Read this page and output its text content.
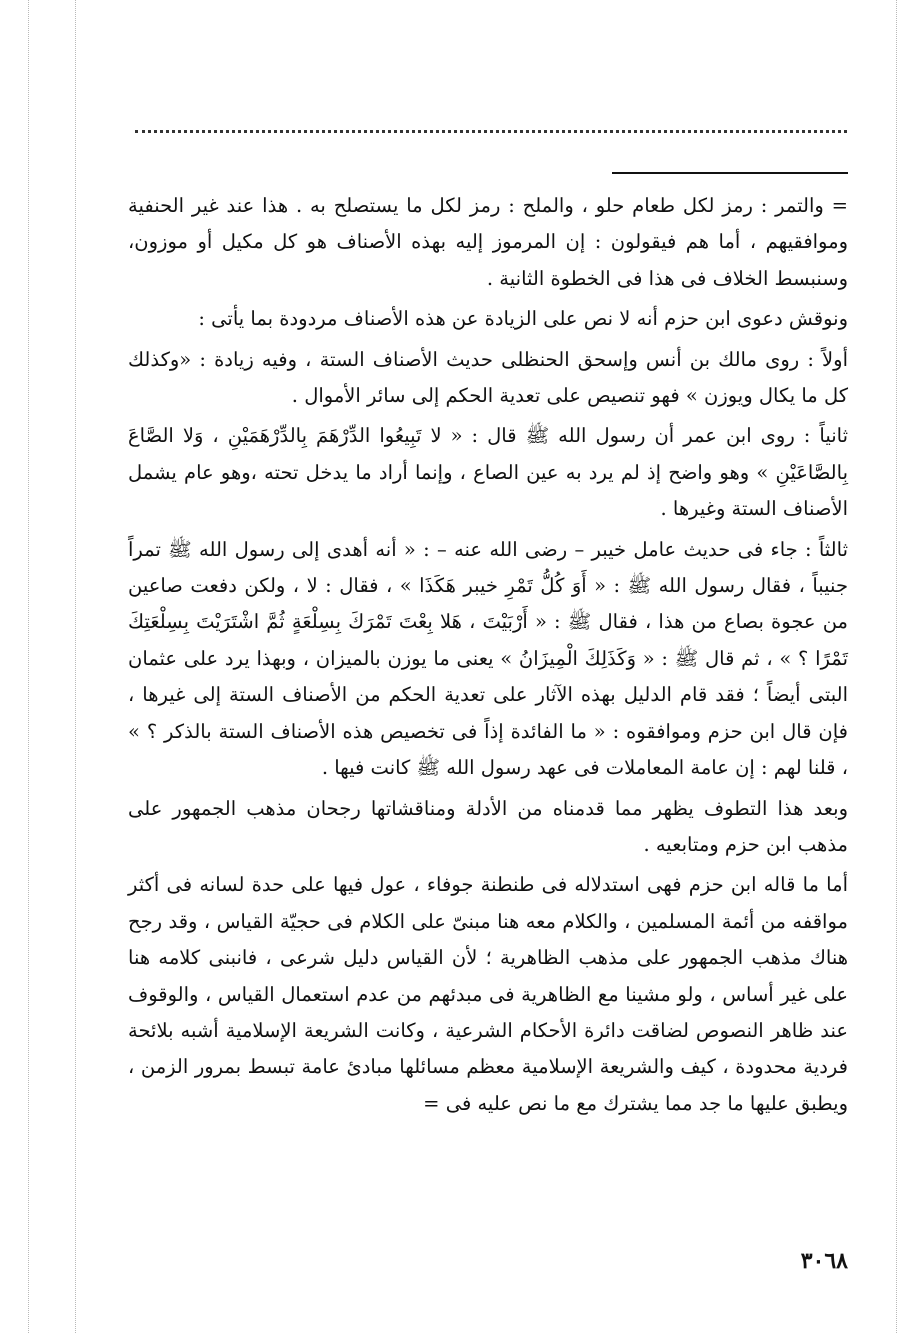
= والتمر : رمز لكل طعام حلو ، والملح : رمز لكل ما يستصلح به . هذا عند غير الحنفية وموافقيهم ، أما هم فيقولون : إن المرموز إليه بهذه الأصناف هو كل مكيل أو موزون، وسنبسط الخلاف فى هذا فى الخطوة الثانية .

ونوقش دعوى ابن حزم أنه لا نص على الزيادة عن هذه الأصناف مردودة بما يأتى :

أولاً : روى مالك بن أنس وإسحق الحنظلى حديث الأصناف الستة ، وفيه زيادة : «وكذلك كل ما يكال ويوزن » فهو تنصيص على تعدية الحكم إلى سائر الأموال .

ثانياً : روى ابن عمر أن رسول الله ﷺ قال : « لا تَبِيعُوا الدِّرْهَمَ بِالدِّرْهَمَيْنِ ، وَلا الصَّاعَ بِالصَّاعَيْنِ » وهو واضح إذ لم يرد به عين الصاع ، وإنما أراد ما يدخل تحته ،وهو عام يشمل الأصناف الستة وغيرها .

ثالثاً : جاء فى حديث عامل خيبر – رضى الله عنه – : « أنه أهدى إلى رسول الله ﷺ تمراً جنيباً ، فقال رسول الله ﷺ : « أَوَ كُلُّ تَمْرِ خيبر هَكَذَا » ، فقال : لا ، ولكن دفعت صاعين من عجوة بصاع من هذا ، فقال ﷺ : « أَرْبَيْتَ ، هَلا بِعْتَ تَمْرَكَ بِسِلْعَةٍ ثُمَّ اشْتَرَيْتَ بِسِلْعَتِكَ تَمْرًا ؟ » ، ثم قال ﷺ : « وَكَذَلِكَ الْمِيزَانُ » يعنى ما يوزن بالميزان ، وبهذا يرد على عثمان البتى أيضاً ؛ فقد قام الدليل بهذه الآثار على تعدية الحكم من الأصناف الستة إلى غيرها ، فإن قال ابن حزم وموافقوه : « ما الفائدة إذاً فى تخصيص هذه الأصناف الستة بالذكر ؟ » ، قلنا لهم : إن عامة المعاملات فى عهد رسول الله ﷺ كانت فيها .

وبعد هذا التطوف يظهر مما قدمناه من الأدلة ومناقشاتها رجحان مذهب الجمهور على مذهب ابن حزم ومتابعيه .

أما ما قاله ابن حزم فهى استدلاله فى طنطنة جوفاء ، عول فيها على حدة لسانه فى أكثر مواقفه من أئمة المسلمين ، والكلام معه هنا مبنىّ على الكلام فى حجيّة القياس ، وقد رجح هناك مذهب الجمهور على مذهب الظاهرية ؛ لأن القياس دليل شرعى ، فانبنى كلامه هنا على غير أساس ، ولو مشينا مع الظاهرية فى مبدئهم من عدم استعمال القياس ، والوقوف عند ظاهر النصوص لضاقت دائرة الأحكام الشرعية ، وكانت الشريعة الإسلامية أشبه بلائحة فردية محدودة ، كيف والشريعة الإسلامية معظم مسائلها مبادئ عامة تبسط بمرور الزمن ، ويطبق عليها ما جد مما يشترك مع ما نص عليه فى =

٣٠٦٨
